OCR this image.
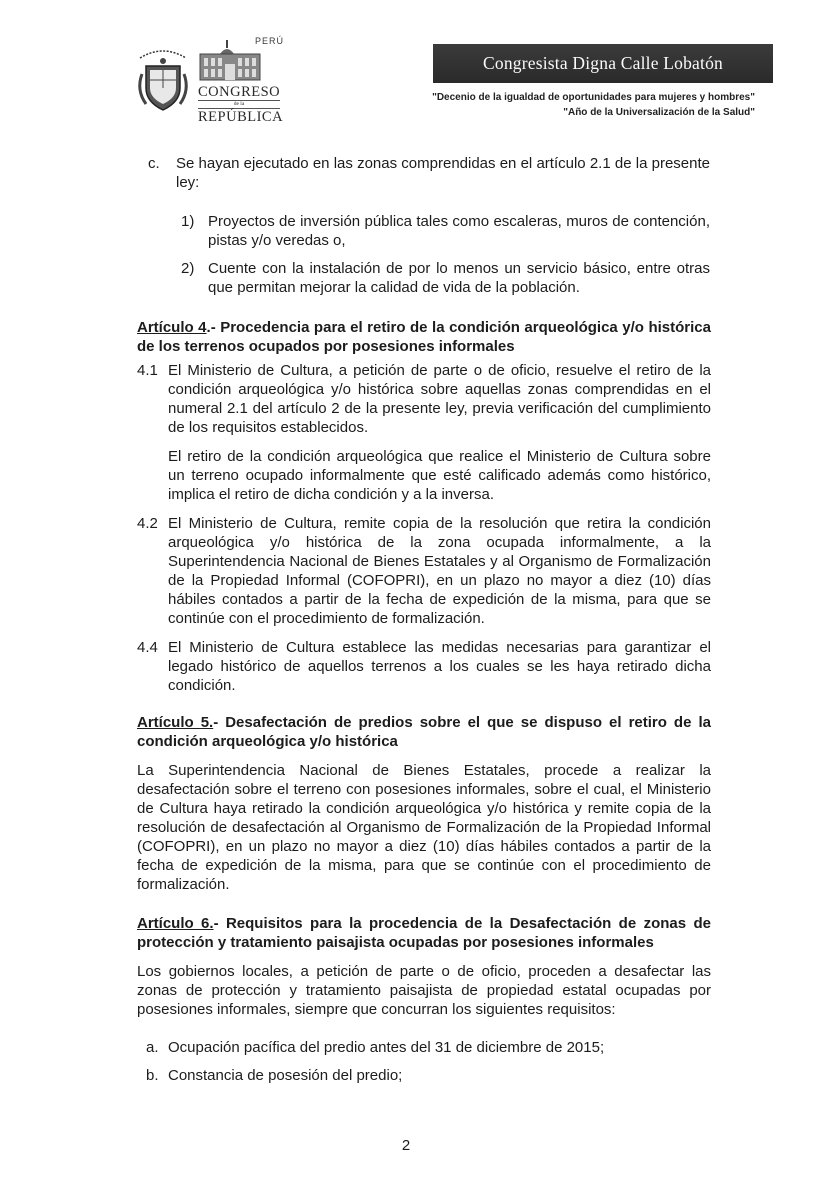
PERÚ
CONGRESO
de la
REPÚBLICA
Congresista Digna Calle Lobatón
"Decenio de la igualdad de oportunidades para mujeres y hombres"
"Año de la Universalización de la Salud"
c. Se hayan ejecutado en las zonas comprendidas en el artículo 2.1 de la presente ley:
1) Proyectos de inversión pública tales como escaleras, muros de contención, pistas y/o veredas o,
2) Cuente con la instalación de por lo menos un servicio básico, entre otras que permitan mejorar la calidad de vida de la población.
Artículo 4.- Procedencia para el retiro de la condición arqueológica y/o histórica de los terrenos ocupados por posesiones informales
4.1 El Ministerio de Cultura, a petición de parte o de oficio, resuelve el retiro de la condición arqueológica y/o histórica sobre aquellas zonas comprendidas en el numeral 2.1 del artículo 2 de la presente ley, previa verificación del cumplimiento de los requisitos establecidos.
El retiro de la condición arqueológica que realice el Ministerio de Cultura sobre un terreno ocupado informalmente que esté calificado además como histórico, implica el retiro de dicha condición y a la inversa.
4.2 El Ministerio de Cultura, remite copia de la resolución que retira la condición arqueológica y/o histórica de la zona ocupada informalmente, a la Superintendencia Nacional de Bienes Estatales y al Organismo de Formalización de la Propiedad Informal (COFOPRI), en un plazo no mayor a diez (10) días hábiles contados a partir de la fecha de expedición de la misma, para que se continúe con el procedimiento de formalización.
4.4 El Ministerio de Cultura establece las medidas necesarias para garantizar el legado histórico de aquellos terrenos a los cuales se les haya retirado dicha condición.
Artículo 5.- Desafectación de predios sobre el que se dispuso el retiro de la condición arqueológica y/o histórica
La Superintendencia Nacional de Bienes Estatales, procede a realizar la desafectación sobre el terreno con posesiones informales, sobre el cual, el Ministerio de Cultura haya retirado la condición arqueológica y/o histórica y remite copia de la resolución de desafectación al Organismo de Formalización de la Propiedad Informal (COFOPRI), en un plazo no mayor a diez (10) días hábiles contados a partir de la fecha de expedición de la misma, para que se continúe con el procedimiento de formalización.
Artículo 6.- Requisitos para la procedencia de la Desafectación de zonas de protección y tratamiento paisajista ocupadas por posesiones informales
Los gobiernos locales, a petición de parte o de oficio, proceden a desafectar las zonas de protección y tratamiento paisajista de propiedad estatal ocupadas por posesiones informales, siempre que concurran los siguientes requisitos:
a. Ocupación pacífica del predio antes del 31 de diciembre de 2015;
b. Constancia de posesión del predio;
2
